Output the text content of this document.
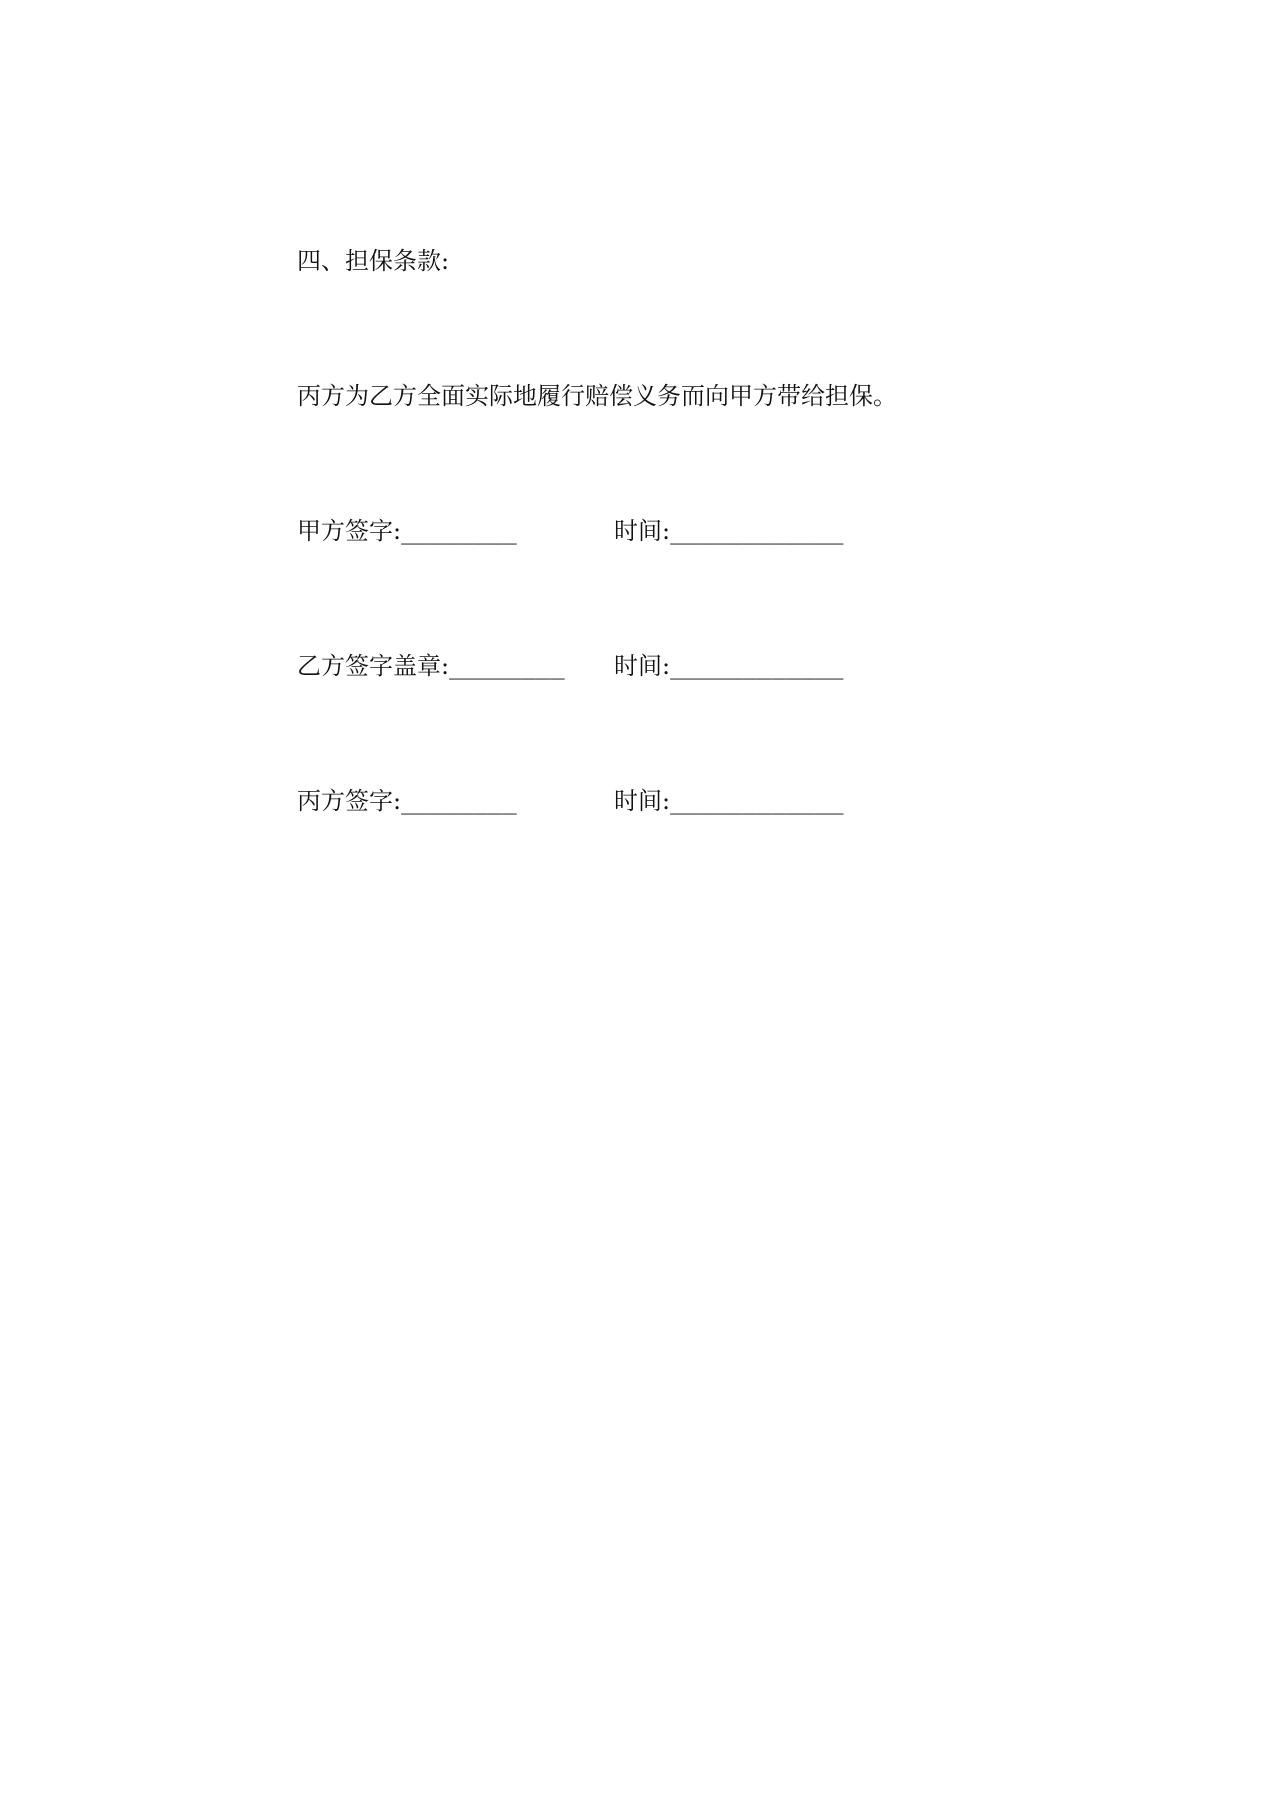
四、担保条款:
丙方为乙方全面实际地履行赔偿义务而向甲方带给担保。
甲方签字:________	时间:____________
乙方签字盖章:________ 时间:____________
丙方签字:________	时间:____________
